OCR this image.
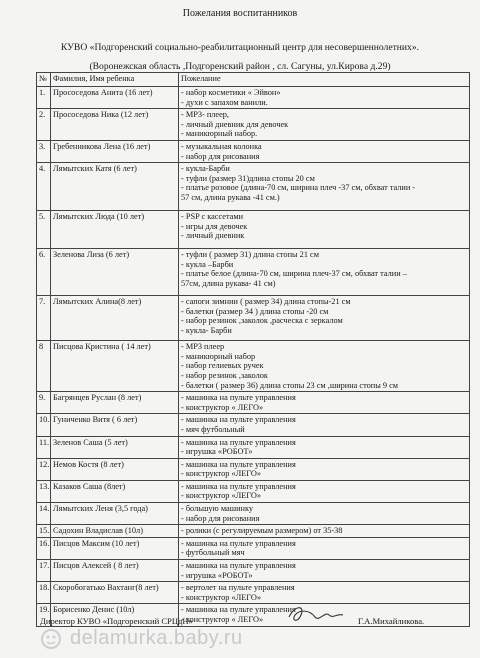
Пожелания воспитанников
КУВО «Подгоренский социально-реабилитационный центр для несовершеннолетних».
(Воронежская область ,Подгоренский район , сл. Сагуны, ул.Кирова д.29)
№	Фамилия, Имя ребенка	Пожелание
1.	Прососедова Анита (16 лет)	- набор косметики « Эйвон»
- духи с запахом ванили.

2.	Прососедова Ника (12 лет)	- МР3- плеер,
- личный дневник для девочек
- маникюрный набор.

3.	Гребенникова Лена (16 лет)	- музыкальная колонка
- набор для рисования

4.	Лямытских Катя (6 лет)	- кукла-Барби
- туфли (размер 31)длина стопы 20 см
- платье розовое (длина-70 см, ширина плеч -37 см, обхват талии -
57 см, длина рукава -41 см.)

5.	Лямытских Люда (10 лет)	- PSP с кассетами
- игры для девочек
- личный дневник

6.	Зеленова Лиза (6 лет)	- туфли ( размер 31) длина стопы 21 см
- кукла –Барби
- платье белое (длина-70 см, ширина плеч-37 см, обхват талии –
57см, длина рукава- 41 см)

7.	Лямытских Алина(8 лет)	- сапоги зимнии ( размер 34) длина стопы-21 см
- балетки (размер 34 ) длина стопы -20 см
- набор резинок ,заколок ,расческа с зеркалом
- кукла- Барби

8	Писцова Кристина ( 14 лет)	- МР3 плеер
- маникюрный набор
- набор гелиевых ручек
- набор резинок ,заколок
- балетки ( размер 36) длина стопы 23 см ,ширина стопы 9 см

9.	Багрянцев Руслан (8 лет)	- машинка на пульте управления
- конструктор « ЛЕГО»

10.	Гуниченко Витя ( 6 лет)	- машинка на пульте управления
- мяч футбольный

11.	Зеленов Саша (5 лет)	- машинка на пульте управления
- игрушка «РОБОТ»

12.	Немов Костя (8 лет)	- машинка на пульте управления
- конструктор «ЛЕГО»

13.	Казаков Саша (8лет)	- машинка на пульте управления
- конструктор «ЛЕГО»

14.	Лямытских Леня (3,5 года)	- большую машинку
- набор для рисования

15.	Садохин Владислав (10л)	- ролики (с регулируемым размером) от 35-38

16.	Писцов Максим (10 лет)	- машинка на пульте управления
- футбольный мяч

17.	Писцов Алексей ( 8 лет)	- машинка на пульте управления
- игрушка «РОБОТ»

18.	Скоробогатько Вахтанг(8 лет)	- вертолет на пульте управления
- конструктор «ЛЕГО»

19.	Борисенко Денис (10л)	- машинка на пульте управления
- конструктор « ЛЕГО»
Директор КУВО «Подгоренский СРЦдН»	Г.А.Михайликова.
delamurka.baby.ru
